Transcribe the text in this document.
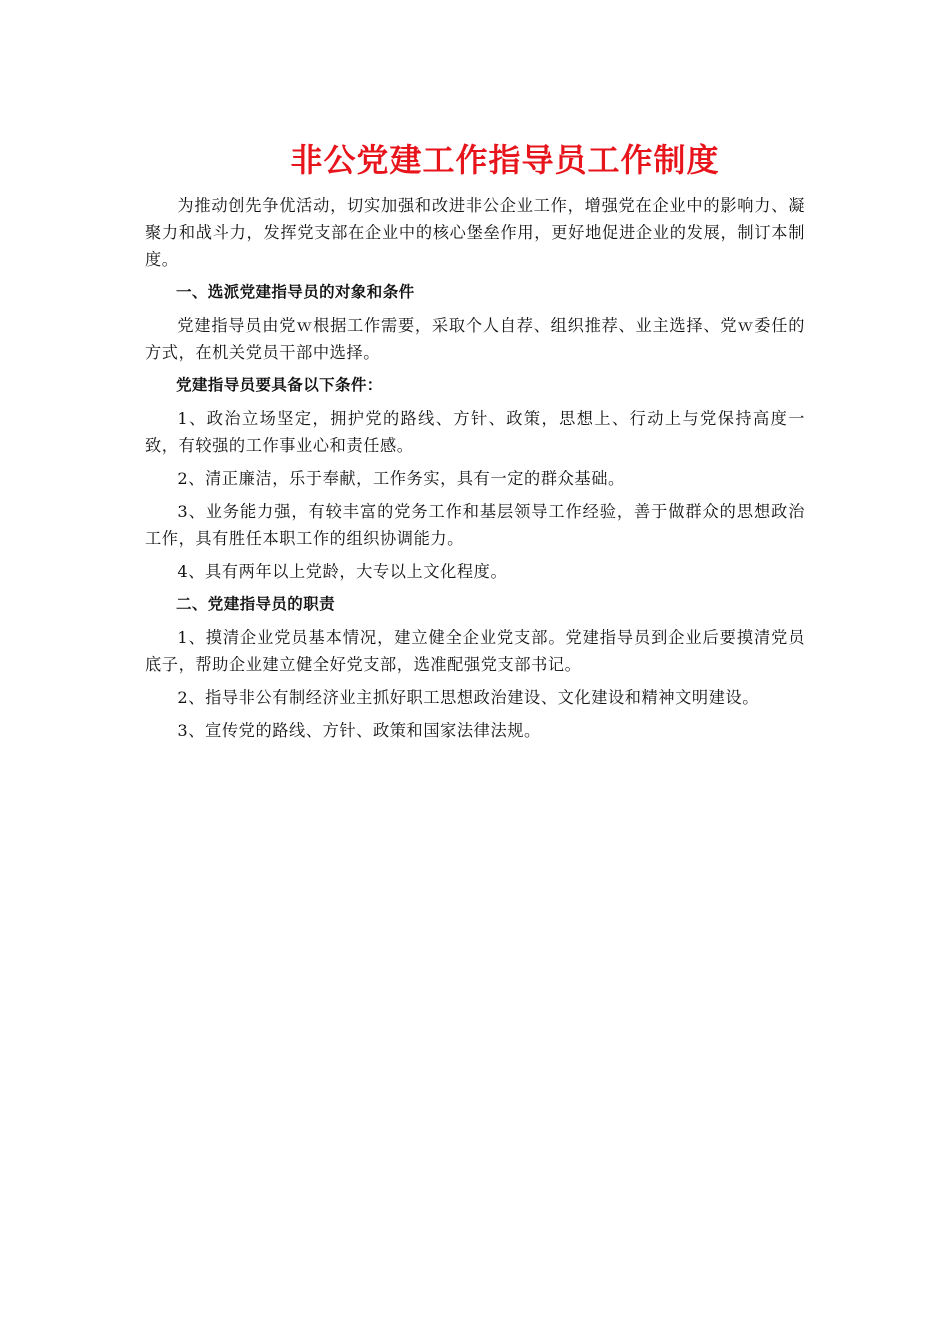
非公党建工作指导员工作制度

为推动创先争优活动，切实加强和改进非公企业工作，增强党在企业中的影响力、凝聚力和战斗力，发挥党支部在企业中的核心堡垒作用，更好地促进企业的发展，制订本制度。

一、选派党建指导员的对象和条件

党建指导员由党ｗ根据工作需要，采取个人自荐、组织推荐、业主选择、党ｗ委任的方式，在机关党员干部中选择。

党建指导员要具备以下条件：

1、政治立场坚定，拥护党的路线、方针、政策，思想上、行动上与党保持高度一致，有较强的工作事业心和责任感。

2、清正廉洁，乐于奉献，工作务实，具有一定的群众基础。

3、业务能力强，有较丰富的党务工作和基层领导工作经验，善于做群众的思想政治工作，具有胜任本职工作的组织协调能力。

4、具有两年以上党龄，大专以上文化程度。

二、党建指导员的职责

1、摸清企业党员基本情况，建立健全企业党支部。党建指导员到企业后要摸清党员底子，帮助企业建立健全好党支部，选准配强党支部书记。

2、指导非公有制经济业主抓好职工思想政治建设、文化建设和精神文明建设。

3、宣传党的路线、方针、政策和国家法律法规。
